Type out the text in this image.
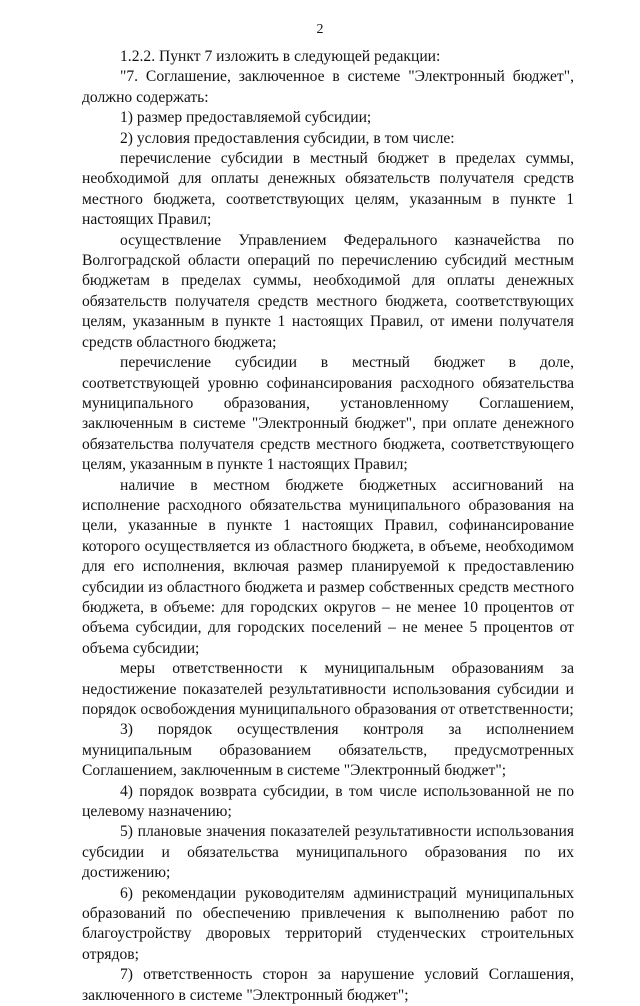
2

1.2.2. Пункт 7 изложить в следующей редакции:

"7. Соглашение, заключенное в системе "Электронный бюджет", должно содержать:

1) размер предоставляемой субсидии;

2) условия предоставления субсидии, в том числе:

перечисление субсидии в местный бюджет в пределах суммы, необходимой для оплаты денежных обязательств получателя средств местного бюджета, соответствующих целям, указанным в пункте 1 настоящих Правил;

осуществление Управлением Федерального казначейства по Волгоградской области операций по перечислению субсидий местным бюджетам в пределах суммы, необходимой для оплаты денежных обязательств получателя средств местного бюджета, соответствующих целям, указанным в пункте 1 настоящих Правил, от имени получателя средств областного бюджета;

перечисление субсидии в местный бюджет в доле, соответствующей уровню софинансирования расходного обязательства муниципального образования, установленному Соглашением, заключенным в системе "Электронный бюджет", при оплате денежного обязательства получателя средств местного бюджета, соответствующего целям, указанным в пункте 1 настоящих Правил;

наличие в местном бюджете бюджетных ассигнований на исполнение расходного обязательства муниципального образования на цели, указанные в пункте 1 настоящих Правил, софинансирование которого осуществляется из областного бюджета, в объеме, необходимом для его исполнения, включая размер планируемой к предоставлению субсидии из областного бюджета и размер собственных средств местного бюджета, в объеме: для городских округов – не менее 10 процентов от объема субсидии, для городских поселений – не менее 5 процентов от объема субсидии;

меры ответственности к муниципальным образованиям за недостижение показателей результативности использования субсидии и порядок освобождения муниципального образования от ответственности;

3) порядок осуществления контроля за исполнением муниципальным образованием обязательств, предусмотренных Соглашением, заключенным в системе "Электронный бюджет";

4) порядок возврата субсидии, в том числе использованной не по целевому назначению;

5) плановые значения показателей результативности использования субсидии и обязательства муниципального образования по их достижению;

6) рекомендации руководителям администраций муниципальных образований по обеспечению привлечения к выполнению работ по благоустройству дворовых территорий студенческих строительных отрядов;

7) ответственность сторон за нарушение условий Соглашения, заключенного в системе "Электронный бюджет";
